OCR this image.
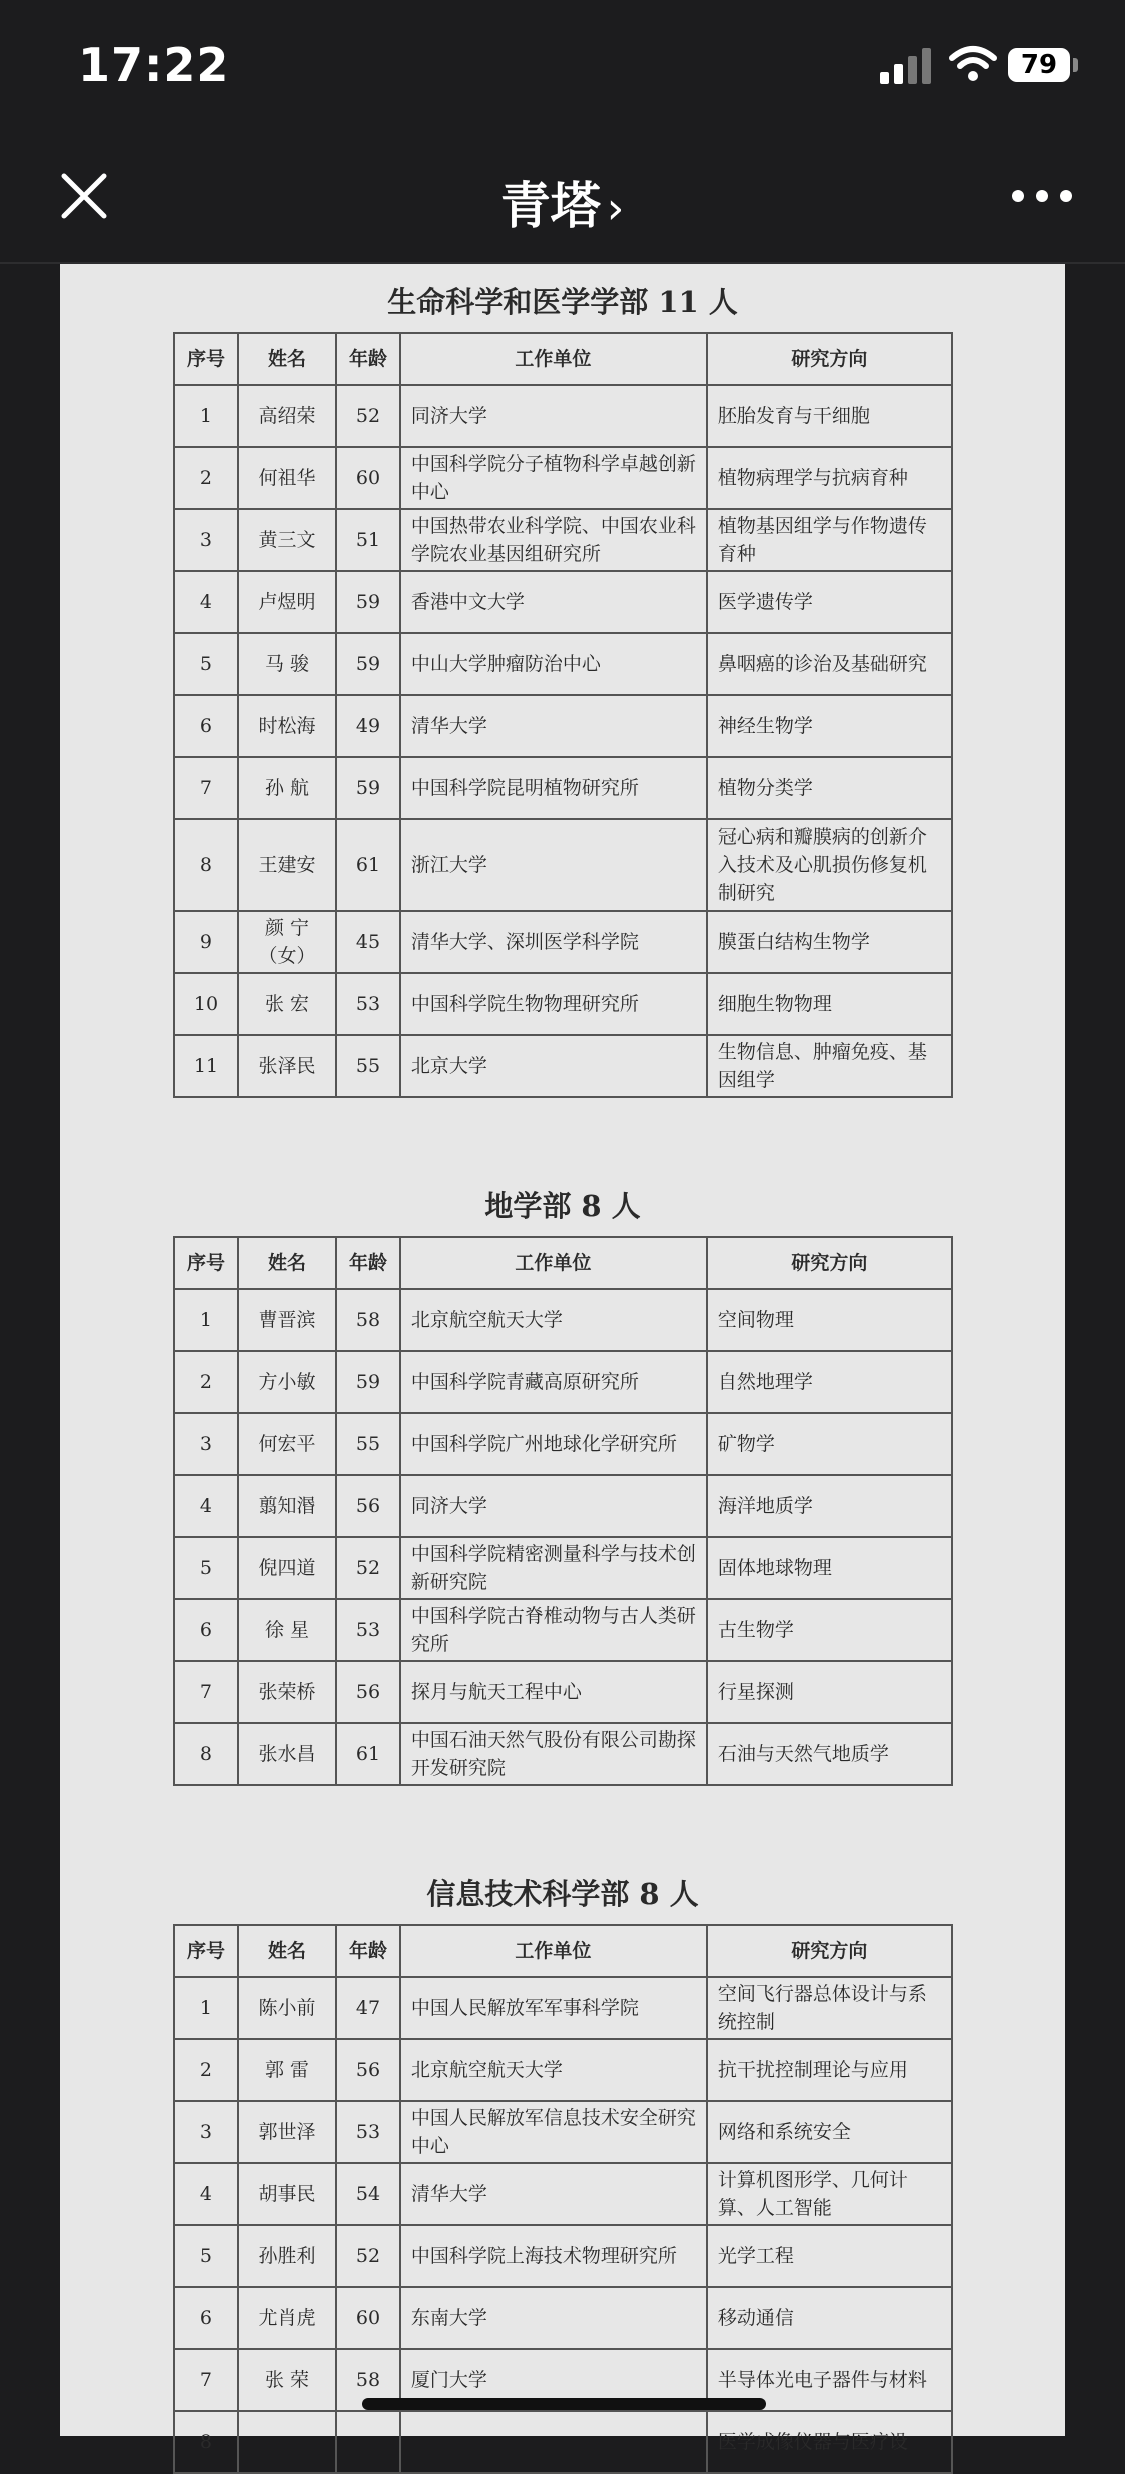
17:22	79
青塔 ›
生命科学和医学学部 11 人
序号	姓名	年龄	工作单位	研究方向
1	高绍荣	52	同济大学	胚胎发育与干细胞
2	何祖华	60	中国科学院分子植物科学卓越创新中心	植物病理学与抗病育种
3	黄三文	51	中国热带农业科学院、中国农业科学院农业基因组研究所	植物基因组学与作物遗传育种
4	卢煜明	59	香港中文大学	医学遗传学
5	马 骏	59	中山大学肿瘤防治中心	鼻咽癌的诊治及基础研究
6	时松海	49	清华大学	神经生物学
7	孙 航	59	中国科学院昆明植物研究所	植物分类学
8	王建安	61	浙江大学	冠心病和瓣膜病的创新介入技术及心肌损伤修复机制研究
9	颜 宁（女）	45	清华大学、深圳医学科学院	膜蛋白结构生物学
10	张 宏	53	中国科学院生物物理研究所	细胞生物物理
11	张泽民	55	北京大学	生物信息、肿瘤免疫、基因组学
地学部 8 人
序号	姓名	年龄	工作单位	研究方向
1	曹晋滨	58	北京航空航天大学	空间物理
2	方小敏	59	中国科学院青藏高原研究所	自然地理学
3	何宏平	55	中国科学院广州地球化学研究所	矿物学
4	翦知湣	56	同济大学	海洋地质学
5	倪四道	52	中国科学院精密测量科学与技术创新研究院	固体地球物理
6	徐 星	53	中国科学院古脊椎动物与古人类研究所	古生物学
7	张荣桥	56	探月与航天工程中心	行星探测
8	张水昌	61	中国石油天然气股份有限公司勘探开发研究院	石油与天然气地质学
信息技术科学部 8 人
序号	姓名	年龄	工作单位	研究方向
1	陈小前	47	中国人民解放军军事科学院	空间飞行器总体设计与系统控制
2	郭 雷	56	北京航空航天大学	抗干扰控制理论与应用
3	郭世泽	53	中国人民解放军信息技术安全研究中心	网络和系统安全
4	胡事民	54	清华大学	计算机图形学、几何计算、人工智能
5	孙胜利	52	中国科学院上海技术物理研究所	光学工程
6	尤肖虎	60	东南大学	移动通信
7	张 荣	58	厦门大学	半导体光电子器件与材料
8				医学成像仪器与医疗设
